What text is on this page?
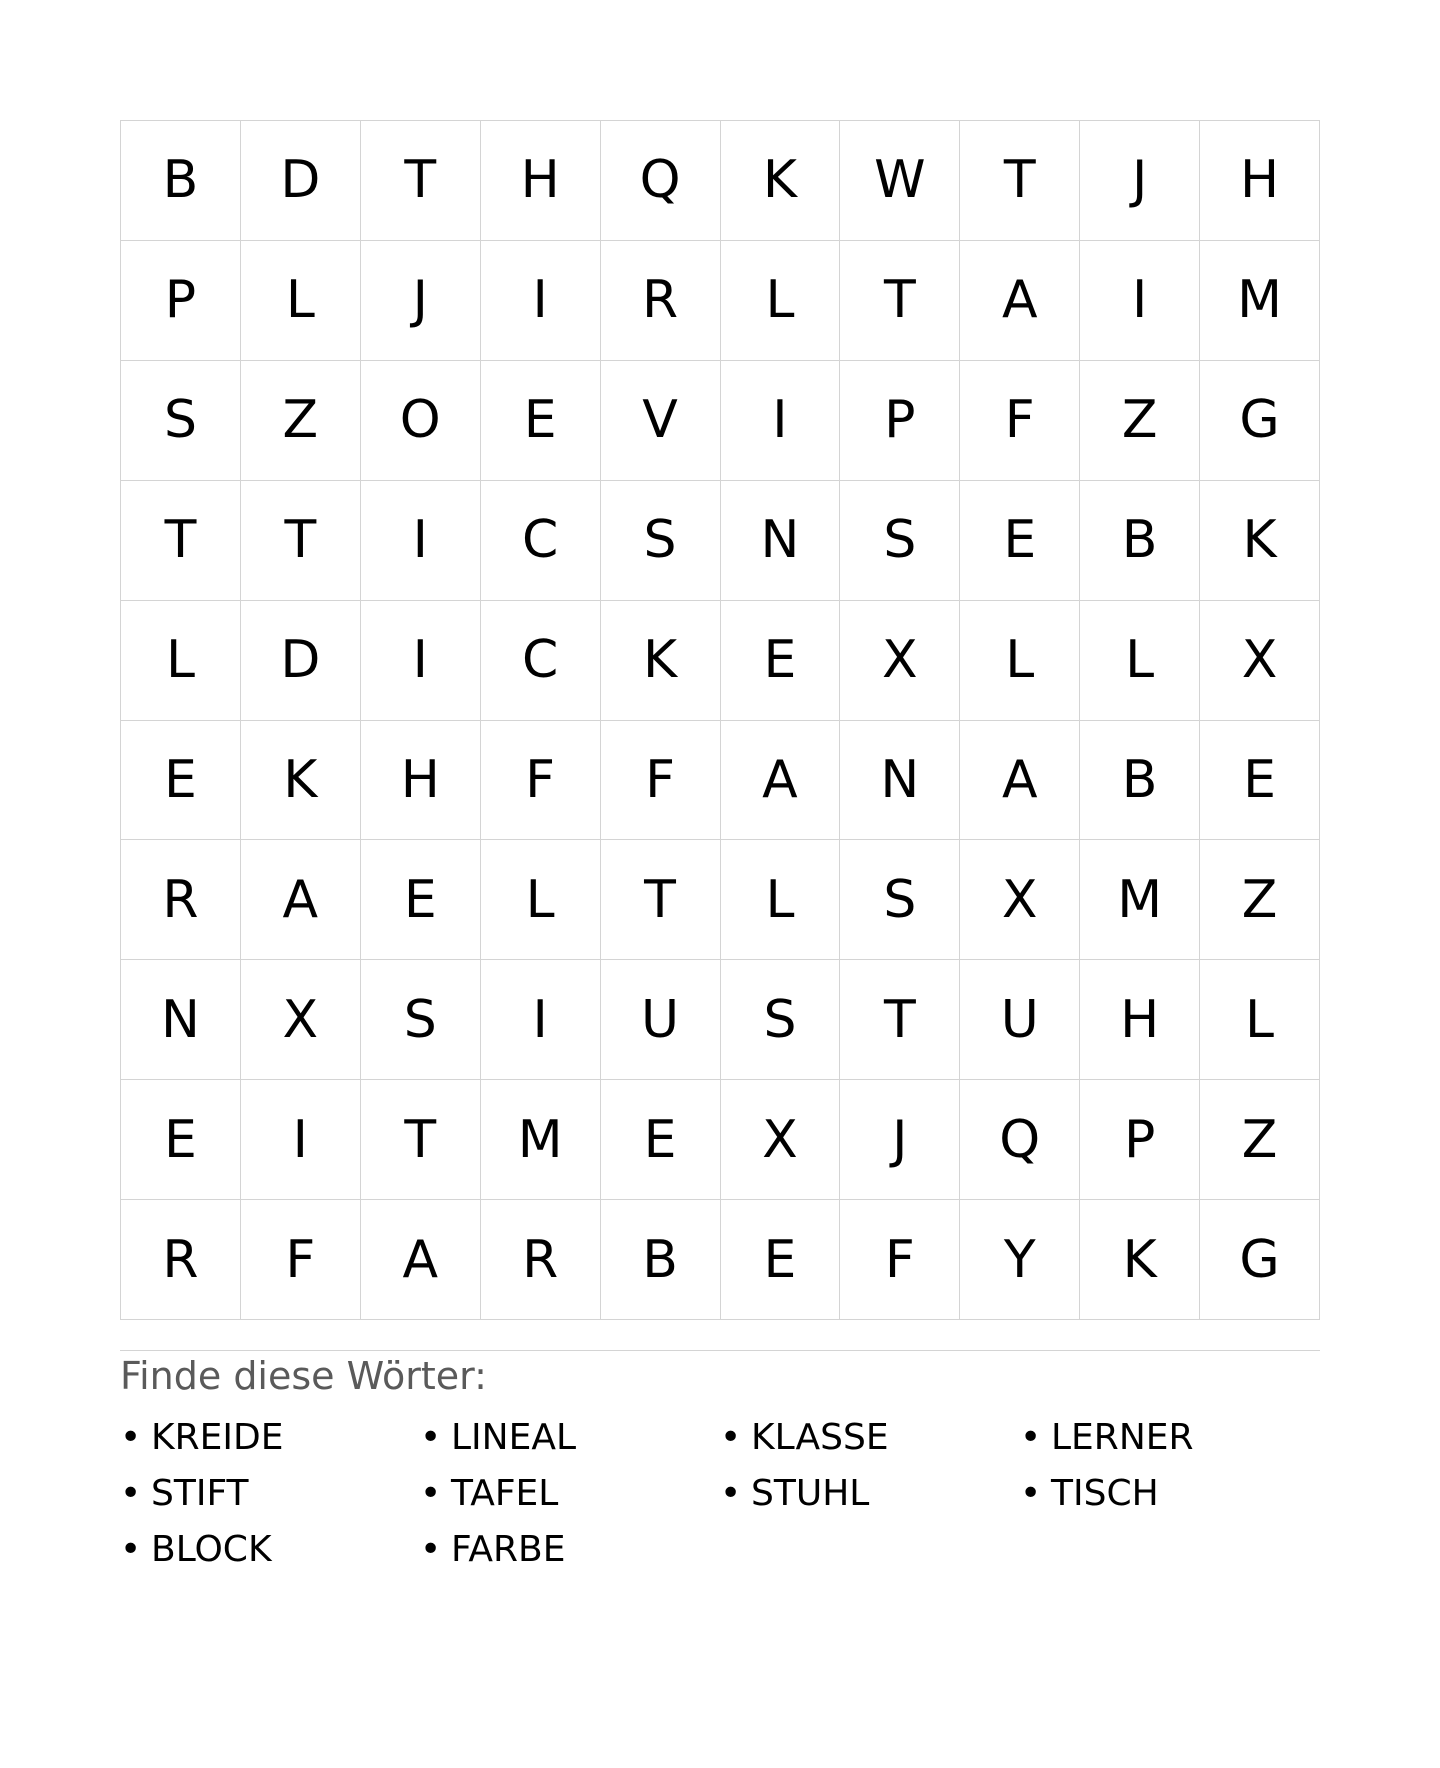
B	D	T	H	Q	K	W	T	J	H
P	L	J	I	R	L	T	A	I	M
S	Z	O	E	V	I	P	F	Z	G
T	T	I	C	S	N	S	E	B	K
L	D	I	C	K	E	X	L	L	X
E	K	H	F	F	A	N	A	B	E
R	A	E	L	T	L	S	X	M	Z
N	X	S	I	U	S	T	U	H	L
E	I	T	M	E	X	J	Q	P	Z
R	F	A	R	B	E	F	Y	K	G
Finde diese Wörter:
• KREIDE	• LINEAL	• KLASSE	• LERNER
• STIFT	• TAFEL	• STUHL	• TISCH
• BLOCK	• FARBE
